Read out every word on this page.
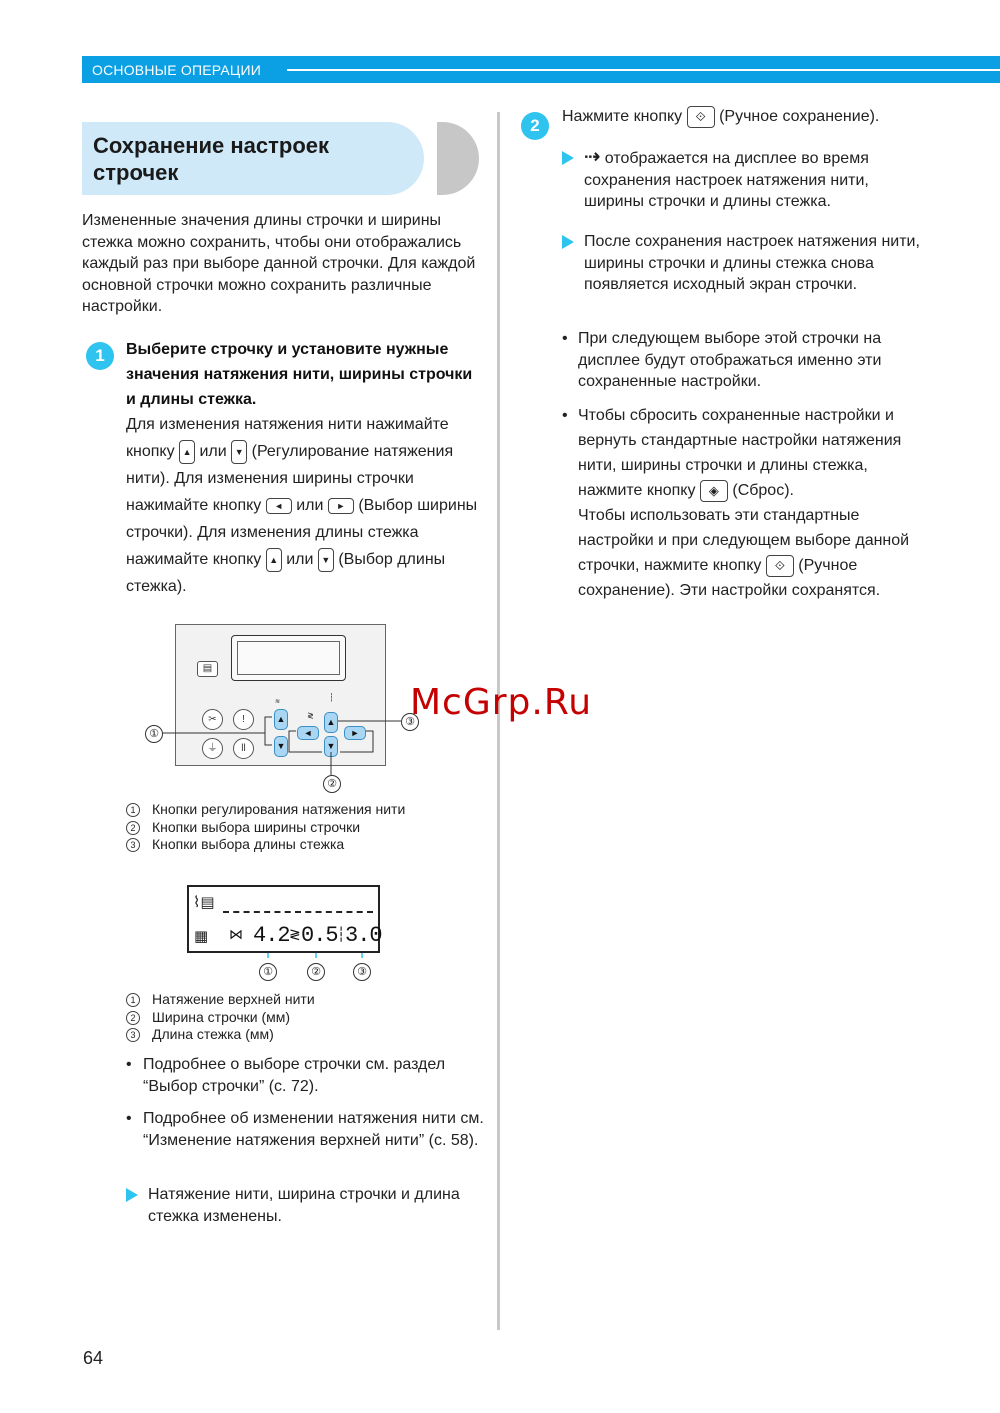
ОСНОВНЫЕ ОПЕРАЦИИ
Сохранение настроек строчек
Измененные значения длины строчки и ширины стежка можно сохранить, чтобы они отображались каждый раз при выборе данной строчки. Для каждой основной строчки можно сохранить различные настройки.
1	Выберите строчку и установите нужные значения натяжения нити, ширины строчки и длины стежка.
Для изменения натяжения нити нажимайте кнопку ▲ или ▼ (Регулирование натяжения нити). Для изменения ширины строчки нажимайте кнопку ◄ или ► (Выбор ширины строчки). Для изменения длины стежка нажимайте кнопку ▲ или ▼ (Выбор длины стежка).
▤
✂	!
⏚	ll
▲
▼
◄
▲
▼
►
≋
≷
┆
①
②
③
1 Кнопки регулирования натяжения нити
2 Кнопки выбора ширины строчки
3 Кнопки выбора длины стежка
⌇▤
▦ ⋈ 4.2 ≷ 0.5 ┆ 3.0
①	②	③
1 Натяжение верхней нити
2 Ширина строчки (мм)
3 Длина стежка (мм)
• Подробнее о выборе строчки см. раздел “Выбор строчки” (с. 72).
• Подробнее об изменении натяжения нити см. “Изменение натяжения верхней нити” (с. 58).
Натяжение нити, ширина строчки и длина стежка изменены.
2	Нажмите кнопку ⟐ (Ручное сохранение).
⇢ отображается на дисплее во время сохранения настроек натяжения нити, ширины строчки и длины стежка.
После сохранения настроек натяжения нити, ширины строчки и длины стежка снова появляется исходный экран строчки.
• При следующем выборе этой строчки на дисплее будут отображаться именно эти сохраненные настройки.
• Чтобы сбросить сохраненные настройки и вернуть стандартные настройки натяжения нити, ширины строчки и длины стежка, нажмите кнопку ◈ (Сброс).
Чтобы использовать эти стандартные настройки и при следующем выборе данной строчки, нажмите кнопку ⟐ (Ручное сохранение). Эти настройки сохранятся.
64
McGrp.Ru
